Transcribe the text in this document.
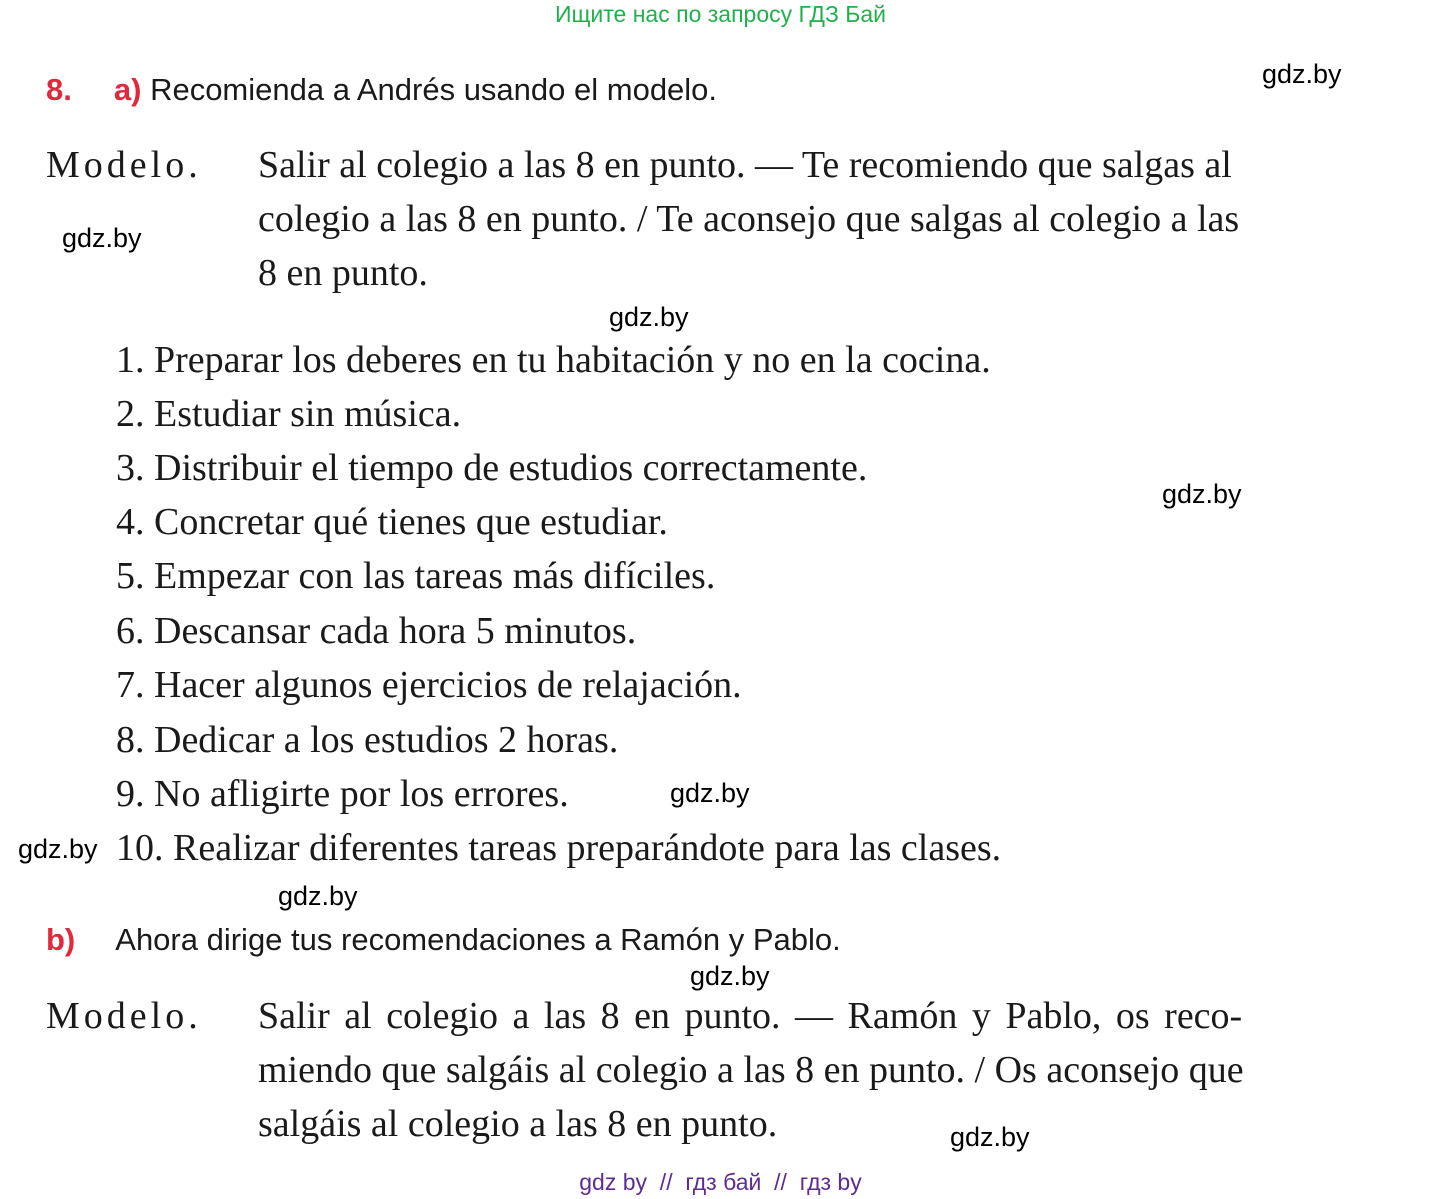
Ищите нас по запросу ГДЗ Бай
8. a) Recomienda a Andrés usando el modelo.
Modelo. Salir al colegio a las 8 en punto. — Te recomiendo que salgas al
colegio a las 8 en punto. / Te aconsejo que salgas al colegio a las
8 en punto.
1. Preparar los deberes en tu habitación y no en la cocina.
2. Estudiar sin música.
3. Distribuir el tiempo de estudios correctamente.
4. Concretar qué tienes que estudiar.
5. Empezar con las tareas más difíciles.
6. Descansar cada hora 5 minutos.
7. Hacer algunos ejercicios de relajación.
8. Dedicar a los estudios 2 horas.
9. No afligirte por los errores.
10. Realizar diferentes tareas preparándote para las clases.
b) Ahora dirige tus recomendaciones a Ramón y Pablo.
Modelo. Salir al colegio a las 8 en punto. — Ramón y Pablo, os reco-
miendo que salgáis al colegio a las 8 en punto. / Os aconsejo que
salgáis al colegio a las 8 en punto.
gdz.by
gdz.by
gdz.by
gdz.by
gdz.by
gdz.by
gdz.by
gdz.by
gdz.by
gdz by  //  гдз бай  //  гдз by
